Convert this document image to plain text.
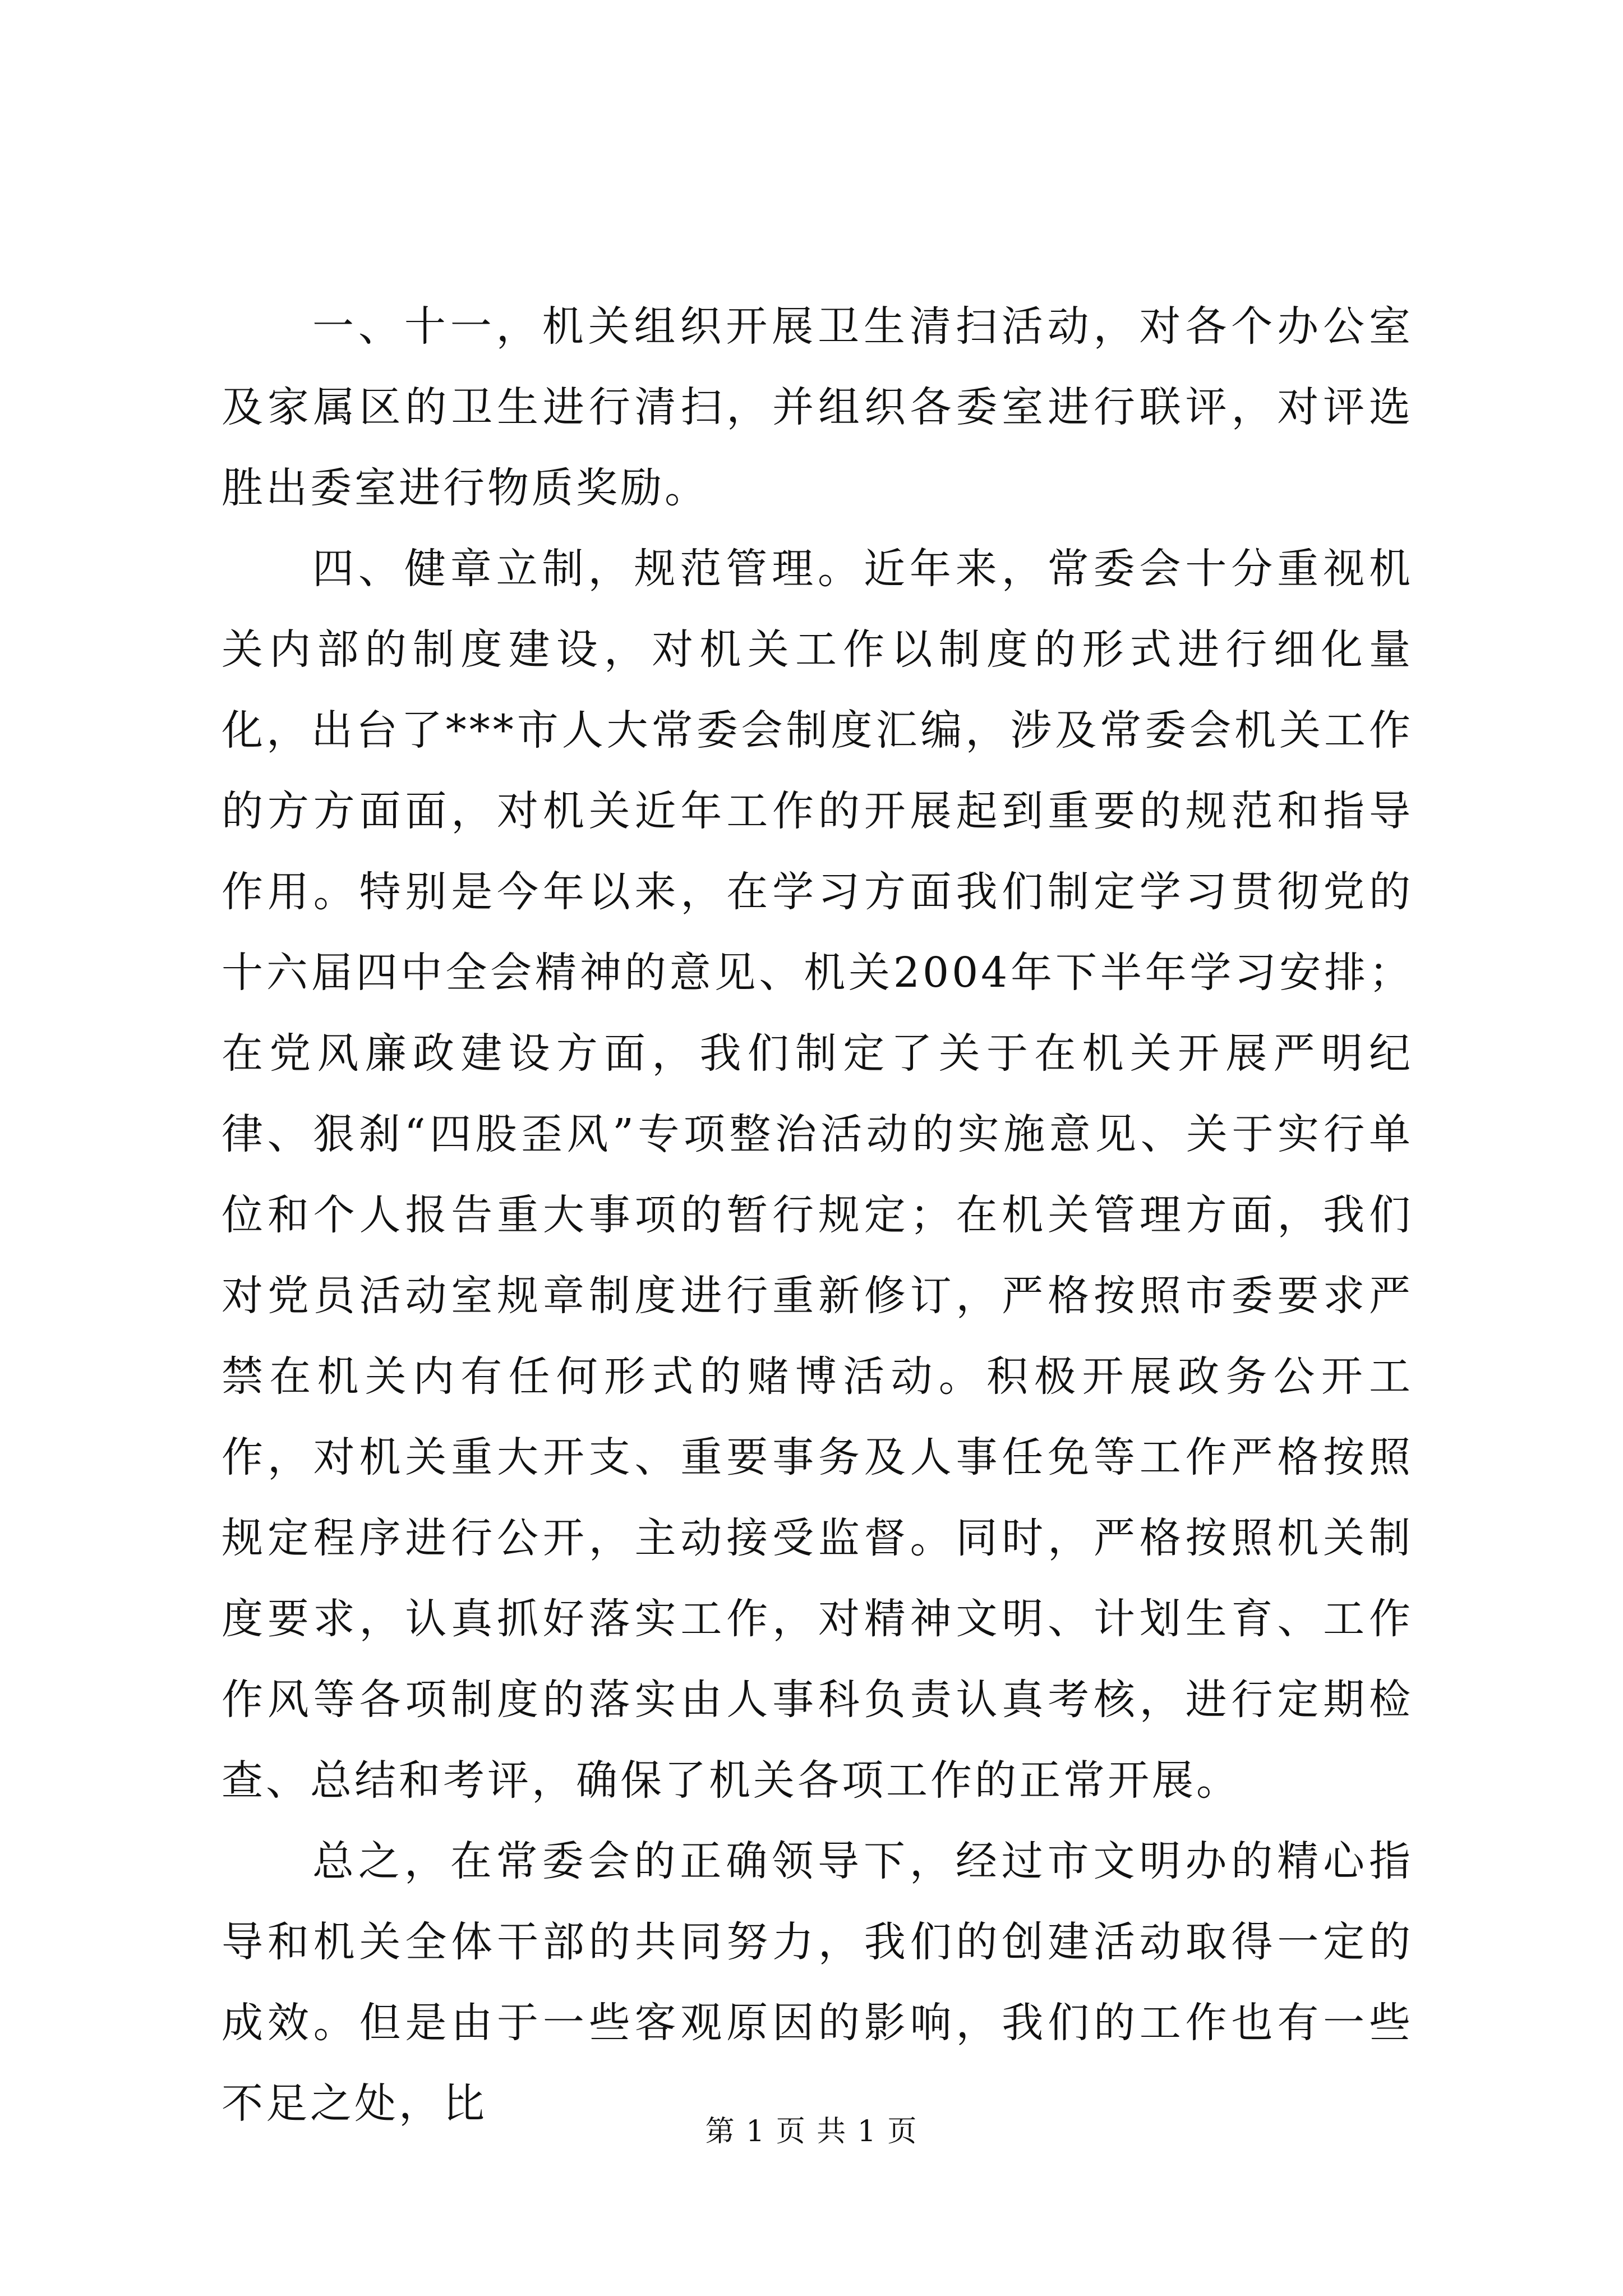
一、十一，机关组织开展卫生清扫活动，对各个办公室及家属区的卫生进行清扫，并组织各委室进行联评，对评选胜出委室进行物质奖励。

四、健章立制，规范管理。近年来，常委会十分重视机关内部的制度建设，对机关工作以制度的形式进行细化量化，出台了***市人大常委会制度汇编，涉及常委会机关工作的方方面面，对机关近年工作的开展起到重要的规范和指导作用。特别是今年以来，在学习方面我们制定学习贯彻党的十六届四中全会精神的意见、机关2004年下半年学习安排；在党风廉政建设方面，我们制定了关于在机关开展严明纪律、狠刹“四股歪风”专项整治活动的实施意见、关于实行单位和个人报告重大事项的暂行规定；在机关管理方面，我们对党员活动室规章制度进行重新修订，严格按照市委要求严禁在机关内有任何形式的赌博活动。积极开展政务公开工作，对机关重大开支、重要事务及人事任免等工作严格按照规定程序进行公开，主动接受监督。同时，严格按照机关制度要求，认真抓好落实工作，对精神文明、计划生育、工作作风等各项制度的落实由人事科负责认真考核，进行定期检查、总结和考评，确保了机关各项工作的正常开展。

总之，在常委会的正确领导下，经过市文明办的精心指导和机关全体干部的共同努力，我们的创建活动取得一定的成效。但是由于一些客观原因的影响，我们的工作也有一些不足之处，比

第 1 页 共 1 页
